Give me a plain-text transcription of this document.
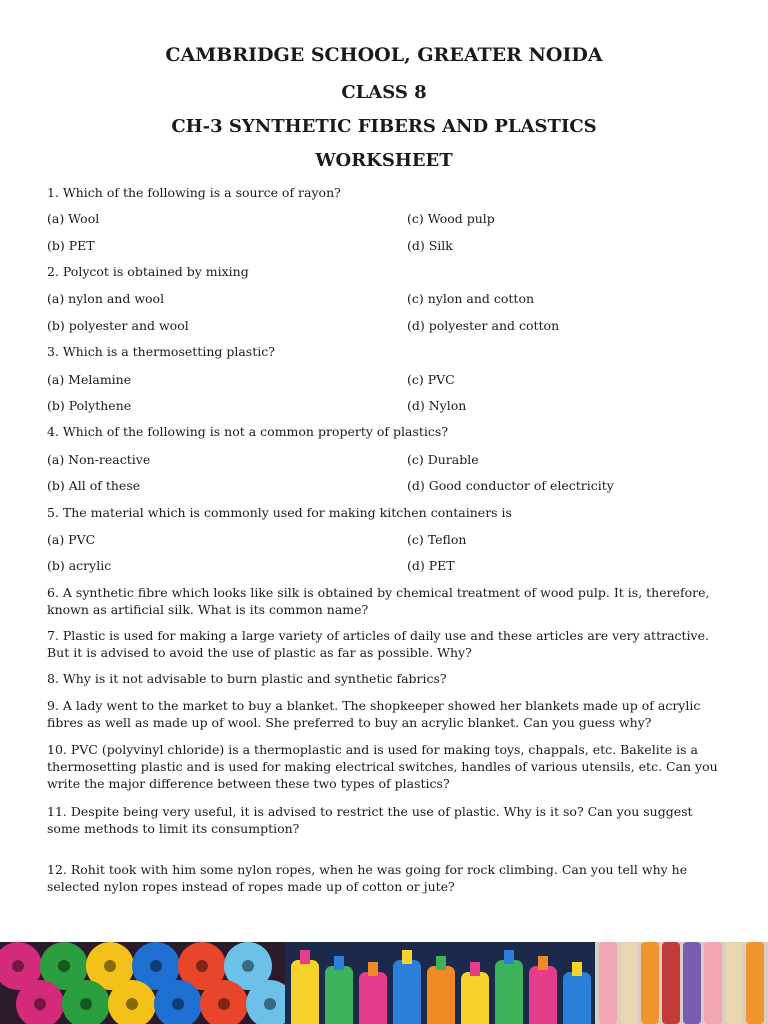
CAMBRIDGE SCHOOL, GREATER NOIDA
CLASS 8
CH-3 SYNTHETIC FIBERS AND PLASTICS
WORKSHEET
1. Which of the following is a source of rayon?
(a) Wool	(c) Wood pulp
(b) PET	(d) Silk
2. Polycot is obtained by mixing
(a) nylon and wool	(c) nylon and cotton
(b) polyester and wool	(d) polyester and cotton
3. Which is a thermosetting plastic?
(a) Melamine	(c) PVC
(b) Polythene	(d) Nylon
4. Which of the following is not a common property of plastics?
(a) Non-reactive	(c) Durable
(b) All of these	(d) Good conductor of electricity
5. The material which is commonly used for making kitchen containers is
(a) PVC	(c) Teflon
(b) acrylic	(d) PET
6. A synthetic fibre which looks like silk is obtained by chemical treatment of wood pulp. It is, therefore, known as artificial silk. What is its common name?
7. Plastic is used for making a large variety of articles of daily use and these articles are very attractive. But it is advised to avoid the use of plastic as far as possible. Why?
8. Why is it not advisable to burn plastic and synthetic fabrics?
9. A lady went to the market to buy a blanket. The shopkeeper showed her blankets made up of acrylic fibres as well as made up of wool. She preferred to buy an acrylic blanket. Can you guess why?
10. PVC (polyvinyl chloride) is a thermoplastic and is used for making toys, chappals, etc. Bakelite is a thermosetting plastic and is used for making electrical switches, handles of various utensils, etc. Can you write the major difference between these two types of plastics?
11. Despite being very useful, it is advised to restrict the use of plastic. Why is it so? Can you suggest some methods to limit its consumption?
12. Rohit took with him some nylon ropes, when he was going for rock climbing. Can you tell why he selected nylon ropes instead of ropes made up of cotton or jute?
